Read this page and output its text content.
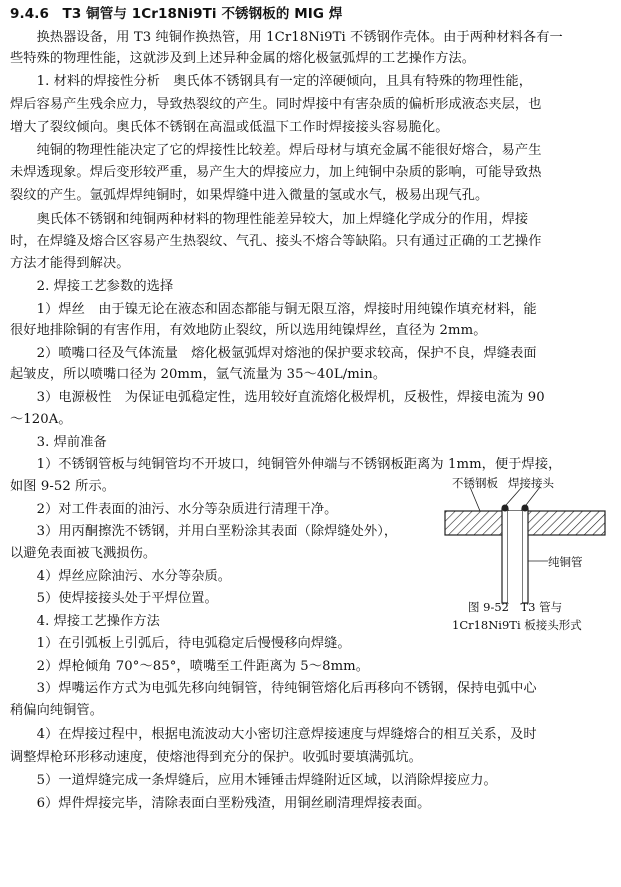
9.4.6　T3 铜管与 1Cr18Ni9Ti 不锈钢板的 MIG 焊
　　换热器设备，用 T3 纯铜作换热管，用 1Cr18Ni9Ti 不锈钢作壳体。由于两种材料各有一
些特殊的物理性能，这就涉及到上述异种金属的熔化极氩弧焊的工艺操作方法。
　　1. 材料的焊接性分析　奥氏体不锈钢具有一定的淬硬倾向，且具有特殊的物理性能，
焊后容易产生残余应力，导致热裂纹的产生。同时焊接中有害杂质的偏析形成液态夹层，也
增大了裂纹倾向。奥氏体不锈钢在高温或低温下工作时焊接接头容易脆化。
　　纯铜的物理性能决定了它的焊接性比较差。焊后母材与填充金属不能很好熔合，易产生
未焊透现象。焊后变形较严重，易产生大的焊接应力，加上纯铜中杂质的影响，可能导致热
裂纹的产生。氩弧焊焊纯铜时，如果焊缝中进入微量的氢或水气，极易出现气孔。
　　奥氏体不锈钢和纯铜两种材料的物理性能差异较大，加上焊缝化学成分的作用，焊接
时，在焊缝及熔合区容易产生热裂纹、气孔、接头不熔合等缺陷。只有通过正确的工艺操作
方法才能得到解决。
　　2. 焊接工艺参数的选择
　　1）焊丝　由于镍无论在液态和固态都能与铜无限互溶，焊接时用纯镍作填充材料，能
很好地排除铜的有害作用，有效地防止裂纹，所以选用纯镍焊丝，直径为 2mm。
　　2）喷嘴口径及气体流量　熔化极氩弧焊对熔池的保护要求较高，保护不良，焊缝表面
起皱皮，所以喷嘴口径为 20mm，氩气流量为 35～40L/min。
　　3）电源极性　为保证电弧稳定性，选用较好直流熔化极焊机，反极性，焊接电流为 90
～120A。
　　3. 焊前准备
　　1）不锈钢管板与纯铜管均不开坡口，纯铜管外伸端与不锈钢板距离为 1mm，便于焊接，
如图 9-52 所示。
　　2）对工件表面的油污、水分等杂质进行清理干净。
　　3）用丙酮擦洗不锈钢，并用白垩粉涂其表面（除焊缝处外），
以避免表面被飞溅损伤。
　　4）焊丝应除油污、水分等杂质。
　　5）使焊接接头处于平焊位置。
　　4. 焊接工艺操作方法
　　1）在引弧板上引弧后，待电弧稳定后慢慢移向焊缝。
　　2）焊枪倾角 70°～85°，喷嘴至工件距离为 5～8mm。
　　3）焊嘴运作方式为电弧先移向纯铜管，待纯铜管熔化后再移向不锈钢，保持电弧中心
稍偏向纯铜管。
　　4）在焊接过程中，根据电流波动大小密切注意焊接速度与焊缝熔合的相互关系，及时
调整焊枪环形移动速度，使熔池得到充分的保护。收弧时要填满弧坑。
　　5）一道焊缝完成一条焊缝后，应用木锤锤击焊缝附近区域，以消除焊接应力。
　　6）焊件焊接完毕，清除表面白垩粉残渣，用铜丝刷清理焊接表面。
不锈钢板 焊接接头
纯铜管
图 9-52　T3 管与
1Cr18Ni9Ti 板接头形式
